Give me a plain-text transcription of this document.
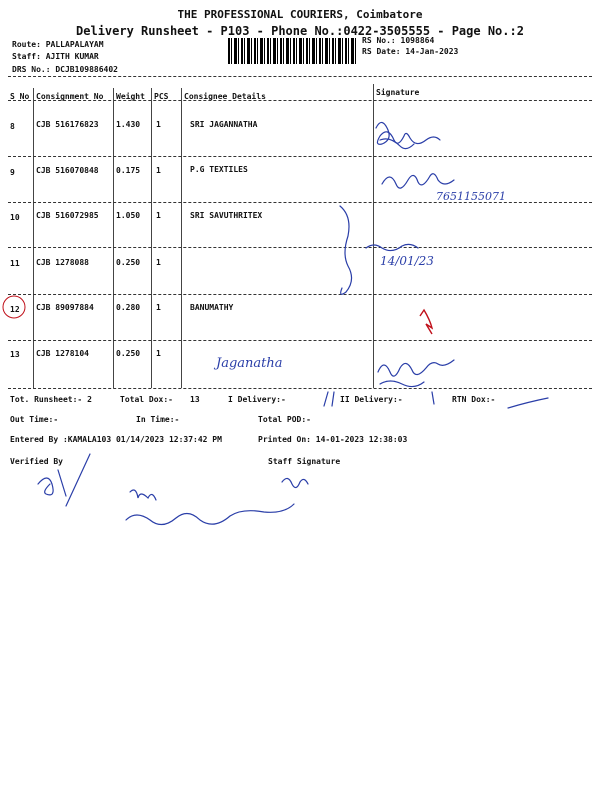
THE PROFESSIONAL COURIERS, Coimbatore
Delivery Runsheet - P103 - Phone No.:0422-3505555 - Page No.:2
Route: PALLAPALAYAM
Staff: AJITH KUMAR
DRS No.: DCJB109886402
RS No.: 1098864
RS Date: 14-Jan-2023
S No Consignment No Weight PCS Consignee Details	Signature
8	CJB 516176823 1.430 1	SRI JAGANNATHA
9	CJB 516070848 0.175 1	P.G TEXTILES
10 CJB 516072985 1.050 1	SRI SAVUTHRITEX
11 CJB 1278088	0.250 1
12 CJB 89097884	0.280 1	BANUMATHY
13 CJB 1278104	0.250 1
7651155071
14/01/23
Jaganatha
Tot. Runsheet:- 2	Total Dox:- 13	I Delivery:-	II Delivery:-	RTN Dox:-
Out Time:-	In Time:-	Total POD:-
Entered By :KAMALA103 01/14/2023 12:37:42 PM	Printed On: 14-01-2023 12:38:03
Verified By	Staff Signature
